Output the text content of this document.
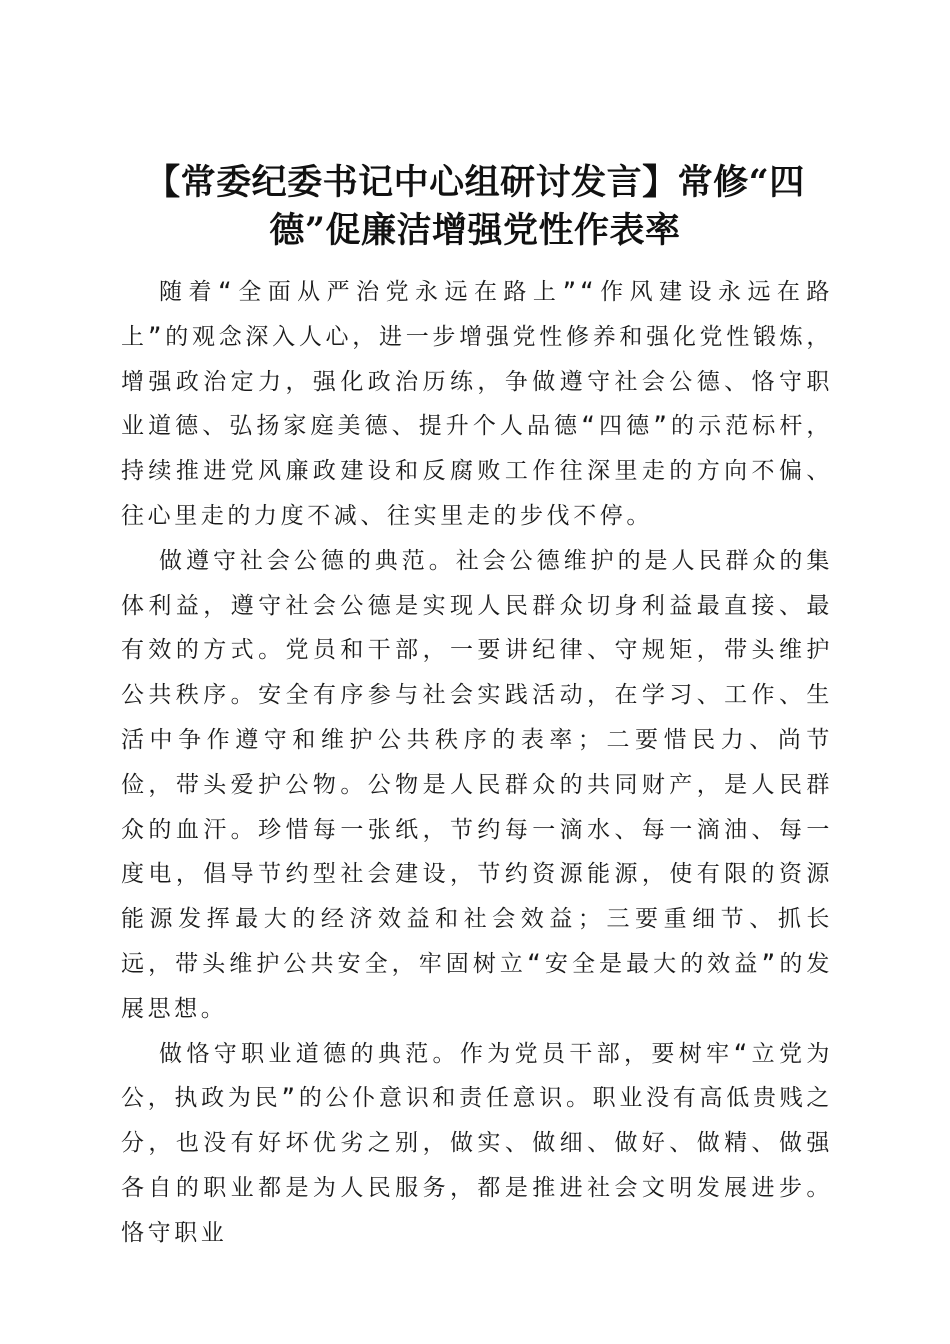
【常委纪委书记中心组研讨发言】常修“四德”促廉洁增强党性作表率

随着“全面从严治党永远在路上”“作风建设永远在路上”的观念深入人心，进一步增强党性修养和强化党性锻炼，增强政治定力，强化政治历练，争做遵守社会公德、恪守职业道德、弘扬家庭美德、提升个人品德“四德”的示范标杆，持续推进党风廉政建设和反腐败工作往深里走的方向不偏、往心里走的力度不减、往实里走的步伐不停。

做遵守社会公德的典范。社会公德维护的是人民群众的集体利益，遵守社会公德是实现人民群众切身利益最直接、最有效的方式。党员和干部，一要讲纪律、守规矩，带头维护公共秩序。安全有序参与社会实践活动，在学习、工作、生活中争作遵守和维护公共秩序的表率；二要惜民力、尚节俭，带头爱护公物。公物是人民群众的共同财产，是人民群众的血汗。珍惜每一张纸，节约每一滴水、每一滴油、每一度电，倡导节约型社会建设，节约资源能源，使有限的资源能源发挥最大的经济效益和社会效益；三要重细节、抓长远，带头维护公共安全，牢固树立“安全是最大的效益”的发展思想。

做恪守职业道德的典范。作为党员干部，要树牢“立党为公，执政为民”的公仆意识和责任意识。职业没有高低贵贱之分，也没有好坏优劣之别，做实、做细、做好、做精、做强各自的职业都是为人民服务，都是推进社会文明发展进步。恪守职业
